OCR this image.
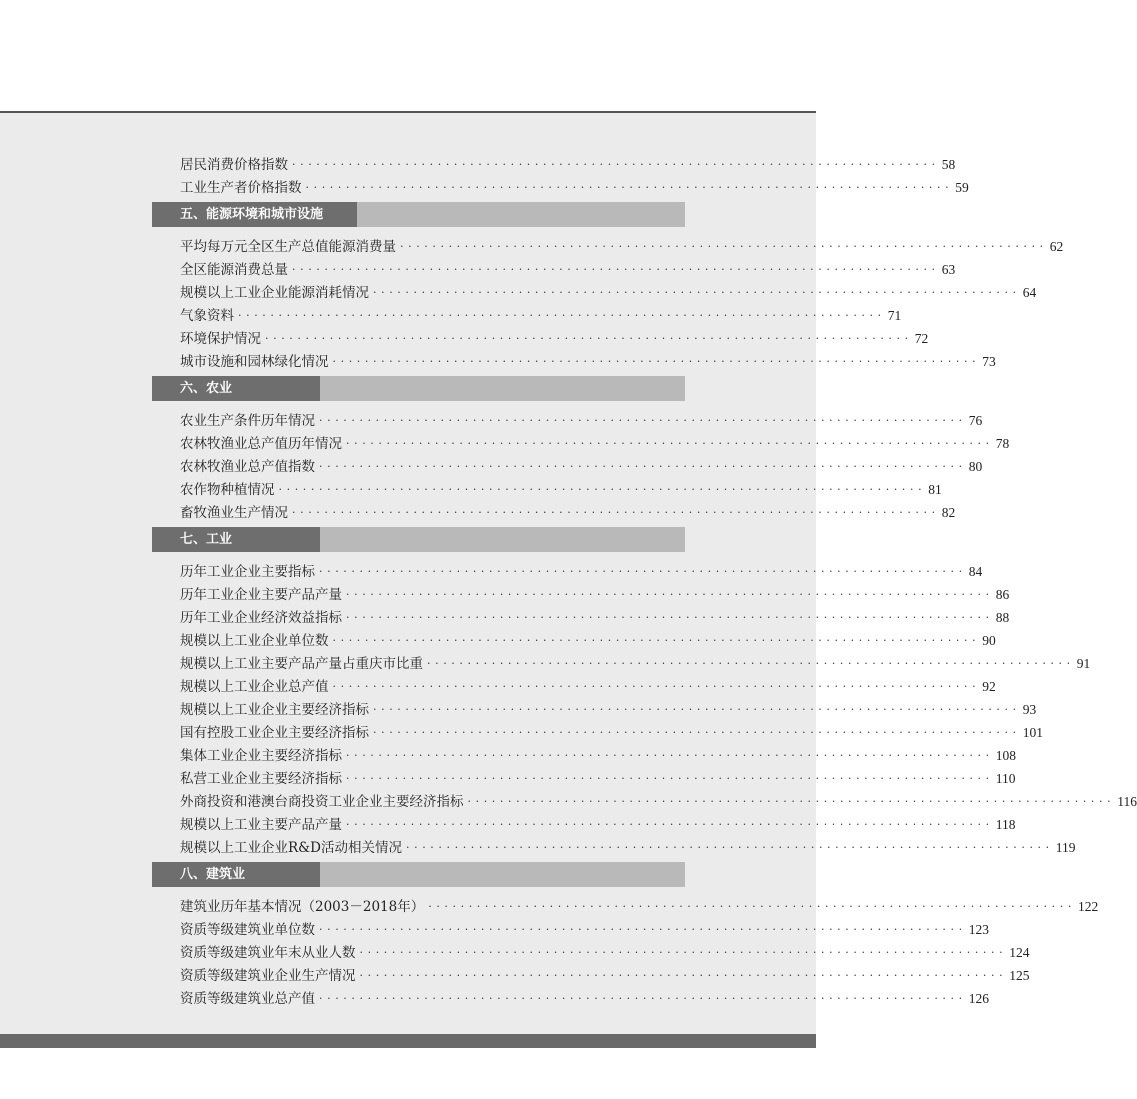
居民消费价格指数 ················································································ 58
工业生产者价格指数 ················································································ 59
五、能源环境和城市设施
平均每万元全区生产总值能源消费量 ················································································ 62
全区能源消费总量 ················································································ 63
规模以上工业企业能源消耗情况 ················································································ 64
气象资料 ················································································ 71
环境保护情况 ················································································ 72
城市设施和园林绿化情况 ················································································ 73
六、农业
农业生产条件历年情况 ················································································ 76
农林牧渔业总产值历年情况 ················································································ 78
农林牧渔业总产值指数 ················································································ 80
农作物种植情况 ················································································ 81
畜牧渔业生产情况 ················································································ 82
七、工业
历年工业企业主要指标 ················································································ 84
历年工业企业主要产品产量 ················································································ 86
历年工业企业经济效益指标 ················································································ 88
规模以上工业企业单位数 ················································································ 90
规模以上工业主要产品产量占重庆市比重 ················································································ 91
规模以上工业企业总产值 ················································································ 92
规模以上工业企业主要经济指标 ················································································ 93
国有控股工业企业主要经济指标 ················································································ 101
集体工业企业主要经济指标 ················································································ 108
私营工业企业主要经济指标 ················································································ 110
外商投资和港澳台商投资工业企业主要经济指标 ················································································ 116
规模以上工业主要产品产量 ················································································ 118
规模以上工业企业R&D活动相关情况 ················································································ 119
八、建筑业
建筑业历年基本情况（2003－2018年） ················································································ 122
资质等级建筑业单位数 ················································································ 123
资质等级建筑业年末从业人数 ················································································ 124
资质等级建筑业企业生产情况 ················································································ 125
资质等级建筑业总产值 ················································································ 126
